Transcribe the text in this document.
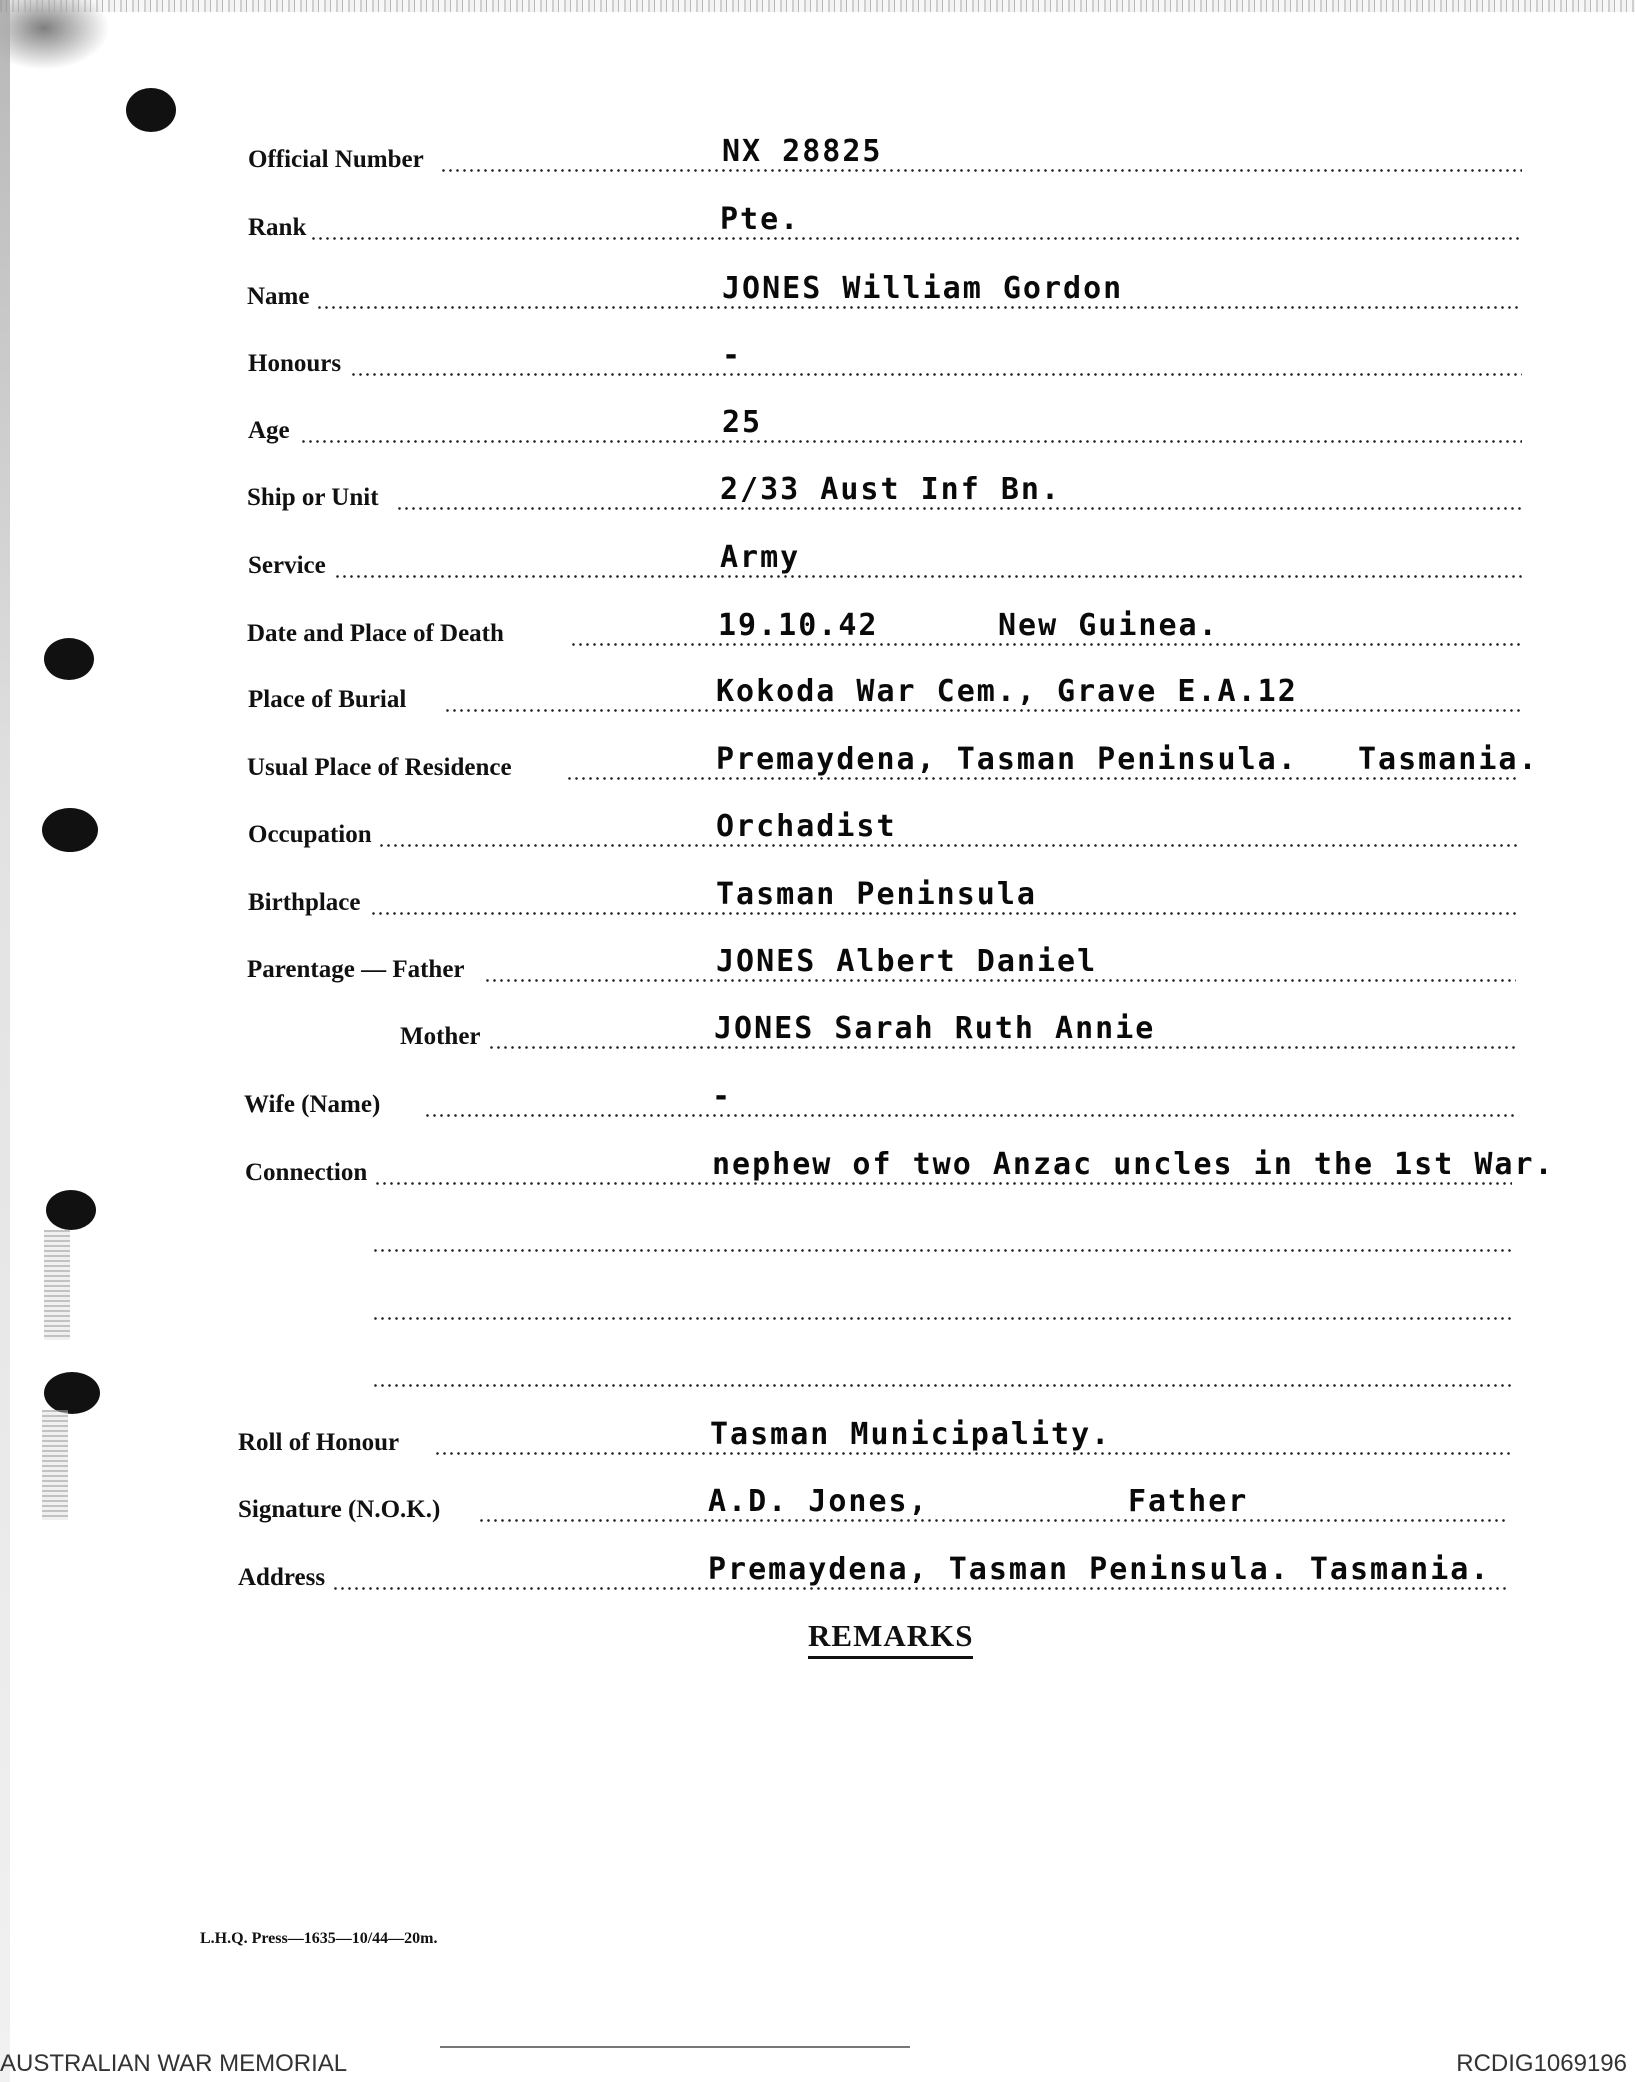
Official Number	NX 28825
Rank	Pte.
Name	JONES William Gordon
Honours	-
Age	25
Ship or Unit	2/33 Aust Inf Bn.
Service	Army
Date and Place of Death	19.10.42	New Guinea.
Place of Burial	Kokoda War Cem., Grave E.A.12
Usual Place of Residence	Premaydena, Tasman Peninsula. Tasmania.
Occupation	Orchadist
Birthplace	Tasman Peninsula
Parentage — Father	JONES Albert Daniel
Mother	JONES Sarah Ruth Annie
Wife (Name)	-
Connection	nephew of two Anzac uncles in the 1st War.
Roll of Honour	Tasman Municipality.
Signature (N.O.K.)	A.D. Jones,	Father
Address	Premaydena, Tasman Peninsula. Tasmania.
REMARKS
L.H.Q. Press—1635—10/44—20m.
AUSTRALIAN WAR MEMORIAL	RCDIG1069196
